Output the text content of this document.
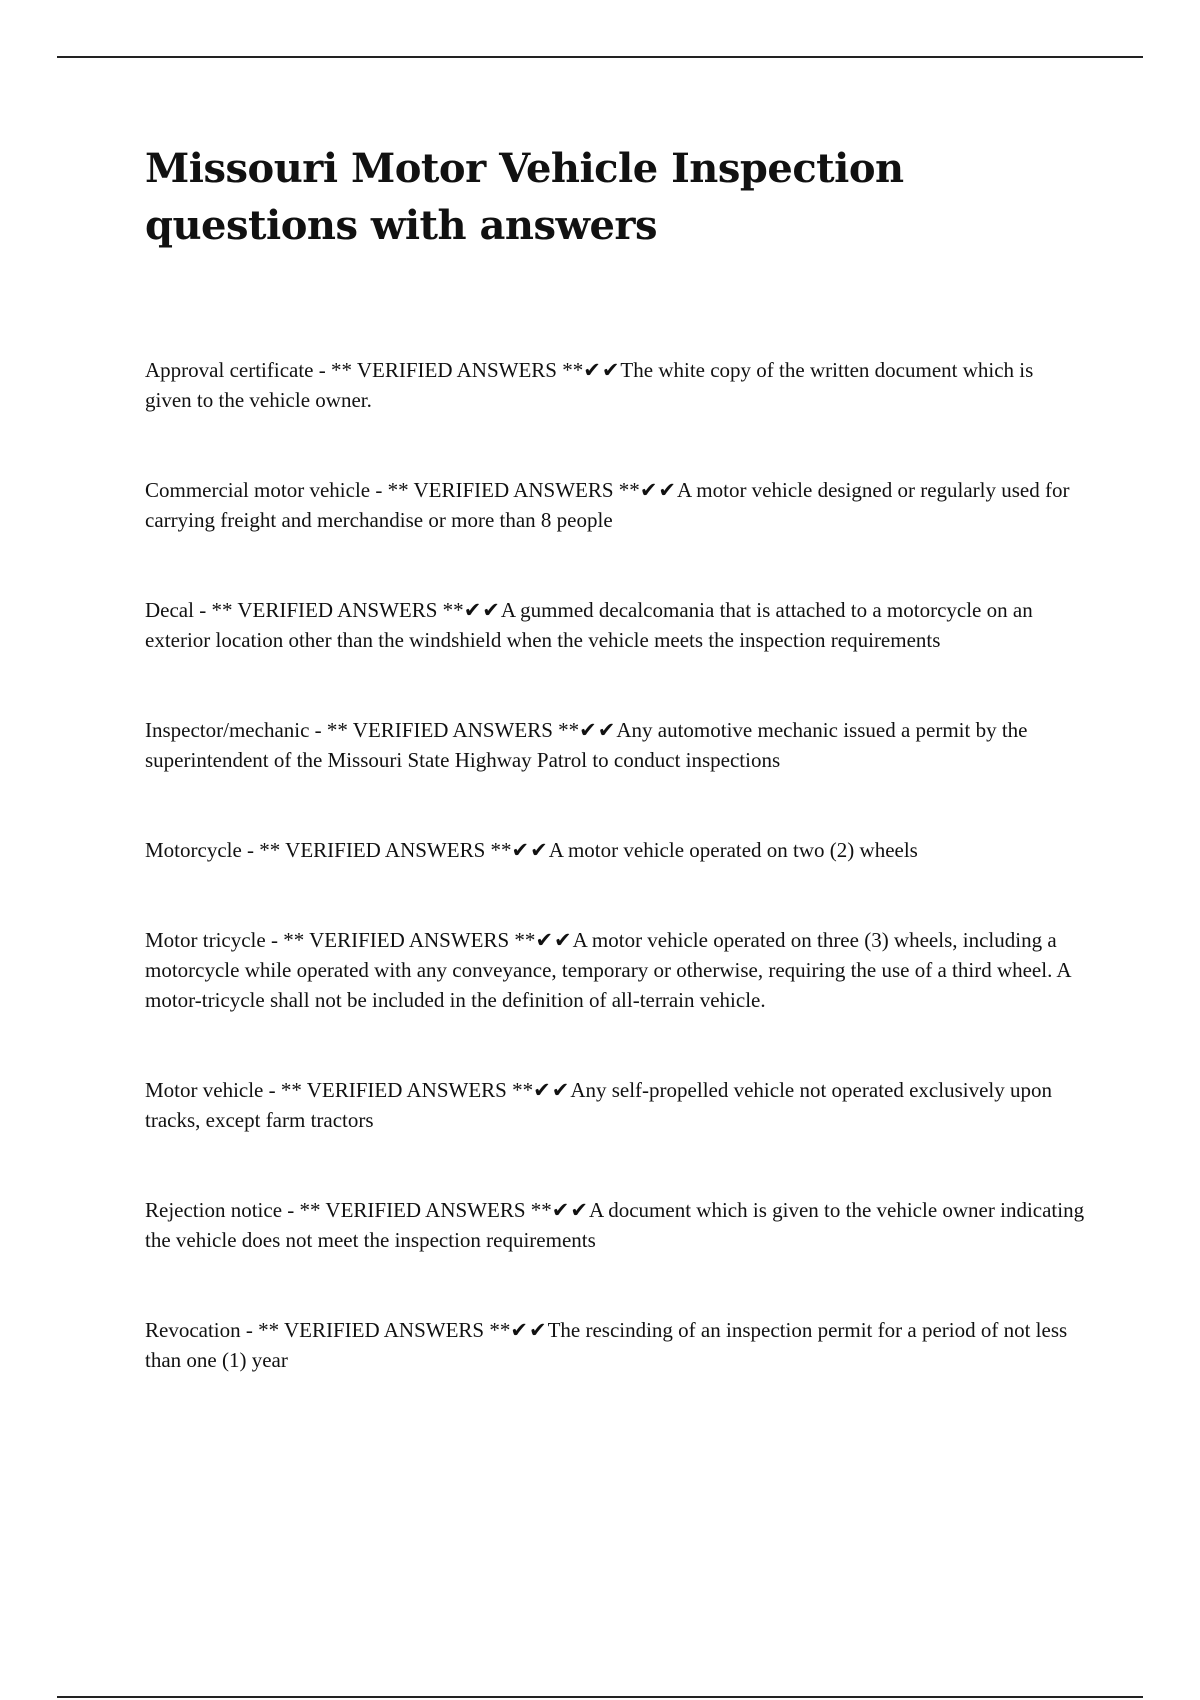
Missouri Motor Vehicle Inspection questions with answers

Approval certificate - ** VERIFIED ANSWERS **✔✔The white copy of the written document which is given to the vehicle owner.

Commercial motor vehicle - ** VERIFIED ANSWERS **✔✔A motor vehicle designed or regularly used for carrying freight and merchandise or more than 8 people

Decal - ** VERIFIED ANSWERS **✔✔A gummed decalcomania that is attached to a motorcycle on an exterior location other than the windshield when the vehicle meets the inspection requirements

Inspector/mechanic - ** VERIFIED ANSWERS **✔✔Any automotive mechanic issued a permit by the superintendent of the Missouri State Highway Patrol to conduct inspections

Motorcycle - ** VERIFIED ANSWERS **✔✔A motor vehicle operated on two (2) wheels

Motor tricycle - ** VERIFIED ANSWERS **✔✔A motor vehicle operated on three (3) wheels, including a motorcycle while operated with any conveyance, temporary or otherwise, requiring the use of a third wheel. A motor-tricycle shall not be included in the definition of all-terrain vehicle.

Motor vehicle - ** VERIFIED ANSWERS **✔✔Any self-propelled vehicle not operated exclusively upon tracks, except farm tractors

Rejection notice - ** VERIFIED ANSWERS **✔✔A document which is given to the vehicle owner indicating the vehicle does not meet the inspection requirements

Revocation - ** VERIFIED ANSWERS **✔✔The rescinding of an inspection permit for a period of not less than one (1) year
